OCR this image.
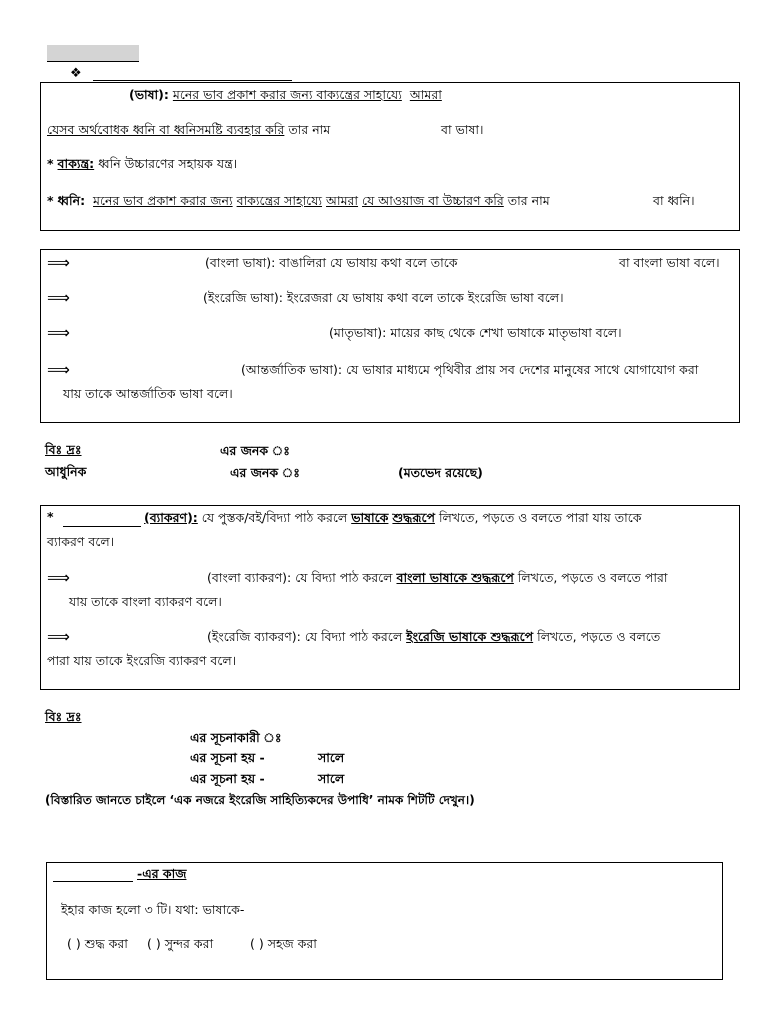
❖
(ভাষা): মনের ভাব প্রকাশ করার জন্য বাক্যন্ত্রের সাহায্যে আমরা
যেসব অর্থবোধক ধ্বনি বা ধ্বনিসমষ্টি ব্যবহার করি তার নাম	বা ভাষা।
* বাক্যন্ত্র: ধ্বনি উচ্চারণের সহায়ক যন্ত্র।
* ধ্বনি: মনের ভাব প্রকাশ করার জন্য বাক্যন্ত্রের সাহায্যে আমরা যে আওয়াজ বা উচ্চারণ করি তার নাম	বা ধ্বনি।
⟹	(বাংলা ভাষা): বাঙালিরা যে ভাষায় কথা বলে তাকে	বা বাংলা ভাষা বলে।
⟹	(ইংরেজি ভাষা): ইংরেজরা যে ভাষায় কথা বলে তাকে ইংরেজি ভাষা বলে।
⟹	(মাতৃভাষা): মায়ের কাছ থেকে শেখা ভাষাকে মাতৃভাষা বলে।
⟹	(আন্তর্জাতিক ভাষা): যে ভাষার মাধ্যমে পৃথিবীর প্রায় সব দেশের মানুষের সাথে যোগাযোগ করা
যায় তাকে আন্তর্জাতিক ভাষা বলে।
বিঃ দ্রঃ	এর জনক ঃ
আধুনিক	এর জনক ঃ	(মতভেদ রয়েছে)
*	(ব্যাকরণ): যে পুস্তক/বই/বিদ্যা পাঠ করলে ভাষাকে শুদ্ধরূপে লিখতে, পড়তে ও বলতে পারা যায় তাকে
ব্যাকরণ বলে।
⟹	(বাংলা ব্যাকরণ): যে বিদ্যা পাঠ করলে বাংলা ভাষাকে শুদ্ধরূপে লিখতে, পড়তে ও বলতে পারা
যায় তাকে বাংলা ব্যাকরণ বলে।
⟹	(ইংরেজি ব্যাকরণ): যে বিদ্যা পাঠ করলে ইংরেজি ভাষাকে শুদ্ধরূপে লিখতে, পড়তে ও বলতে
পারা যায় তাকে ইংরেজি ব্যাকরণ বলে।
বিঃ দ্রঃ
এর সূচনাকারী ঃ
এর সূচনা হয় -	সালে
এর সূচনা হয় -	সালে
(বিস্তারিত জানতে চাইলে ‘এক নজরে ইংরেজি সাহিত্যিকদের উপাধি’ নামক শিটটি দেখুন।)
-এর কাজ
ইহার কাজ হলো ৩ টি। যথা: ভাষাকে-
( ) শুদ্ধ করা ( ) সুন্দর করা	( ) সহজ করা
